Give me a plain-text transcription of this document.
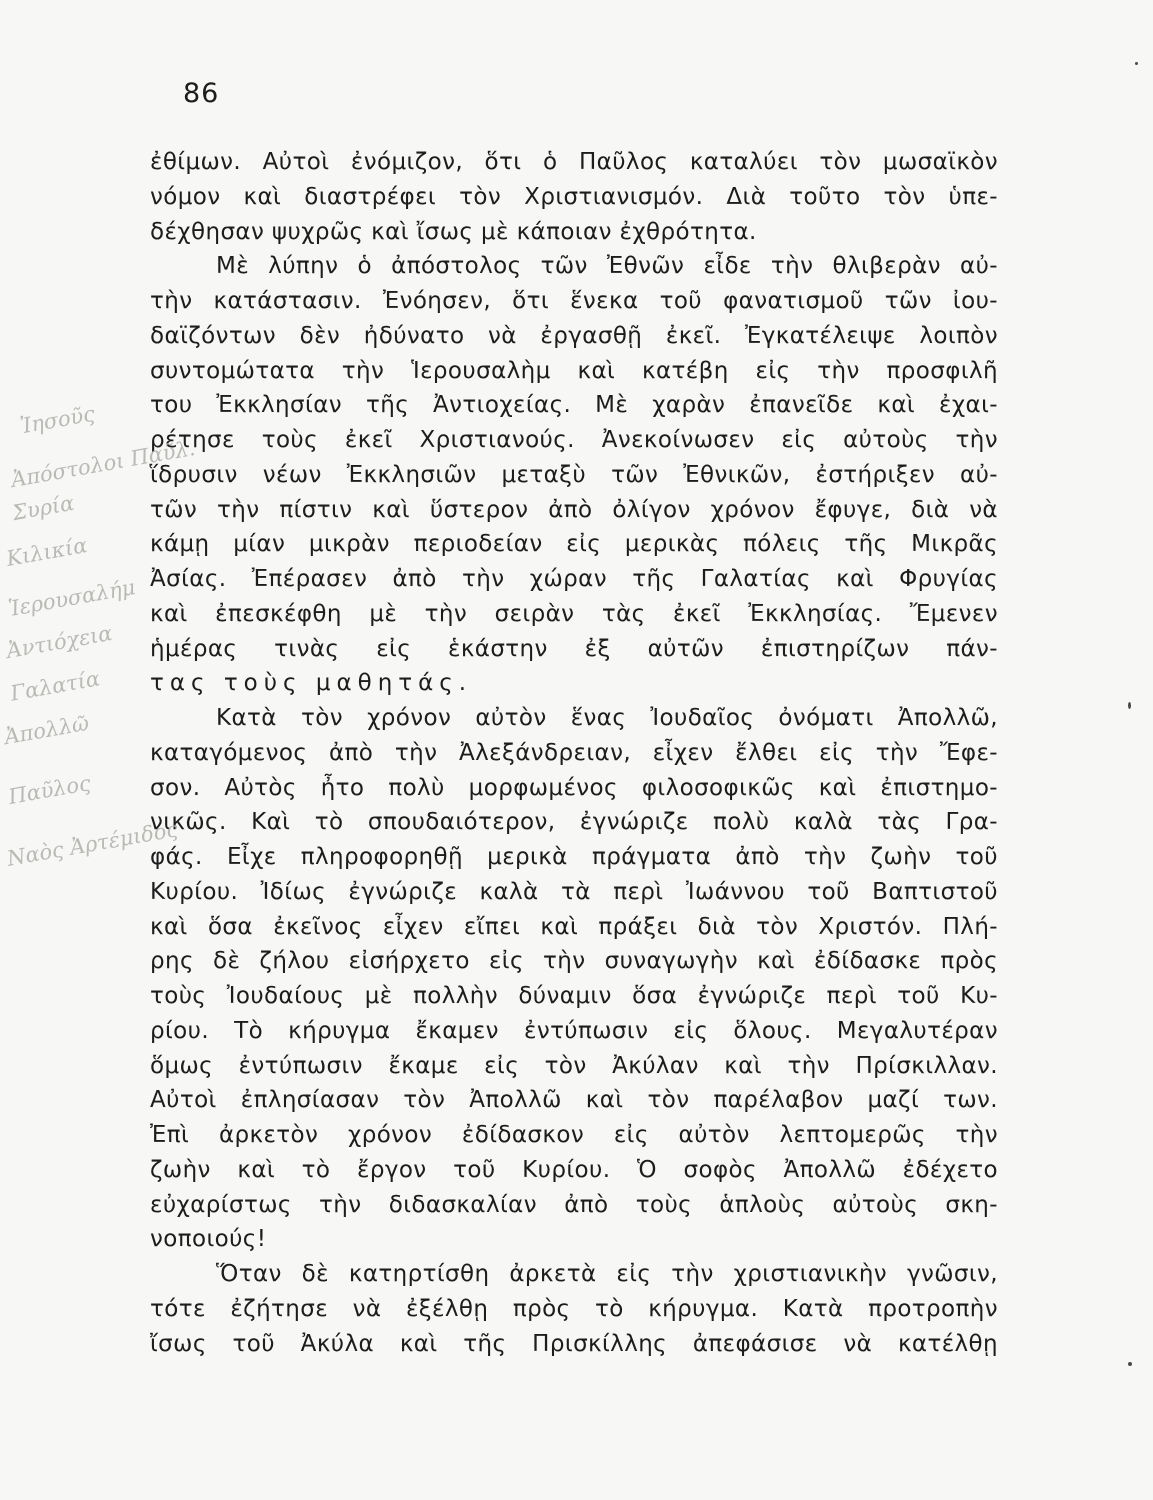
86
ἐθίμων. Αὐτοὶ ἐνόμιζον, ὅτι ὁ Παῦλος καταλύει τὸν μωσαϊκὸν
νόμον καὶ διαστρέφει τὸν Χριστιανισμόν. Διὰ τοῦτο τὸν ὑπε-
δέχθησαν ψυχρῶς καὶ ἴσως μὲ κάποιαν ἐχθρότητα.
Μὲ λύπην ὁ ἀπόστολος τῶν Ἐθνῶν εἶδε τὴν θλιβερὰν αὐ-
τὴν κατάστασιν. Ἐνόησεν, ὅτι ἕνεκα τοῦ φανατισμοῦ τῶν ἰου-
δαϊζόντων δὲν ἠδύνατο νὰ ἐργασθῇ ἐκεῖ. Ἐγκατέλειψε λοιπὸν
συντομώτατα τὴν Ἱερουσαλὴμ καὶ κατέβη εἰς τὴν προσφιλῆ
του Ἐκκλησίαν τῆς Ἀντιοχείας. Μὲ χαρὰν ἐπανεῖδε καὶ ἐχαι-
ρέτησε τοὺς ἐκεῖ Χριστιανούς. Ἀνεκοίνωσεν εἰς αὐτοὺς τὴν
ἵδρυσιν νέων Ἐκκλησιῶν μεταξὺ τῶν Ἐθνικῶν, ἐστήριξεν αὐ-
τῶν τὴν πίστιν καὶ ὕστερον ἀπὸ ὀλίγον χρόνον ἔφυγε, διὰ νὰ
κάμῃ μίαν μικρὰν περιοδείαν εἰς μερικὰς πόλεις τῆς Μικρᾶς
Ἀσίας. Ἐπέρασεν ἀπὸ τὴν χώραν τῆς Γαλατίας καὶ Φρυγίας
καὶ ἐπεσκέφθη μὲ τὴν σειρὰν τὰς ἐκεῖ Ἐκκλησίας. Ἔμενεν
ἡμέρας τινὰς εἰς ἑκάστην ἐξ αὐτῶν ἐπιστηρίζων πάν-
τας τοὺς μαθητάς.
Κατὰ τὸν χρόνον αὐτὸν ἕνας Ἰουδαῖος ὀνόματι Ἀπολλῶ,
καταγόμενος ἀπὸ τὴν Ἀλεξάνδρειαν, εἶχεν ἔλθει εἰς τὴν Ἔφε-
σον. Αὐτὸς ἦτο πολὺ μορφωμένος φιλοσοφικῶς καὶ ἐπιστημο-
νικῶς. Καὶ τὸ σπουδαιότερον, ἐγνώριζε πολὺ καλὰ τὰς Γρα-
φάς. Εἶχε πληροφορηθῇ μερικὰ πράγματα ἀπὸ τὴν ζωὴν τοῦ
Κυρίου. Ἰδίως ἐγνώριζε καλὰ τὰ περὶ Ἰωάννου τοῦ Βαπτιστοῦ
καὶ ὅσα ἐκεῖνος εἶχεν εἴπει καὶ πράξει διὰ τὸν Χριστόν. Πλή-
ρης δὲ ζήλου εἰσήρχετο εἰς τὴν συναγωγὴν καὶ ἐδίδασκε πρὸς
τοὺς Ἰουδαίους μὲ πολλὴν δύναμιν ὅσα ἐγνώριζε περὶ τοῦ Κυ-
ρίου. Τὸ κήρυγμα ἔκαμεν ἐντύπωσιν εἰς ὅλους. Μεγαλυτέραν
ὅμως ἐντύπωσιν ἔκαμε εἰς τὸν Ἀκύλαν καὶ τὴν Πρίσκιλλαν.
Αὐτοὶ ἐπλησίασαν τὸν Ἀπολλῶ καὶ τὸν παρέλαβον μαζί των.
Ἐπὶ ἀρκετὸν χρόνον ἐδίδασκον εἰς αὐτὸν λεπτομερῶς τὴν
ζωὴν καὶ τὸ ἔργον τοῦ Κυρίου. Ὁ σοφὸς Ἀπολλῶ ἐδέχετο
εὐχαρίστως τὴν διδασκαλίαν ἀπὸ τοὺς ἁπλοὺς αὐτοὺς σκη-
νοποιούς!
Ὅταν δὲ κατηρτίσθη ἀρκετὰ εἰς τὴν χριστιανικὴν γνῶσιν,
τότε ἐζήτησε νὰ ἐξέλθῃ πρὸς τὸ κήρυγμα. Κατὰ προτροπὴν
ἴσως τοῦ Ἀκύλα καὶ τῆς Πρισκίλλης ἀπεφάσισε νὰ κατέλθῃ
Ἰησοῦς
Ἀπόστολοι Παῦλ.
Συρία
Κιλικία
Ἱερουσαλήμ
Ἀντιόχεια
Γαλατία
Ἀπολλῶ
Παῦλος
Ναὸς Ἀρτέμιδος
